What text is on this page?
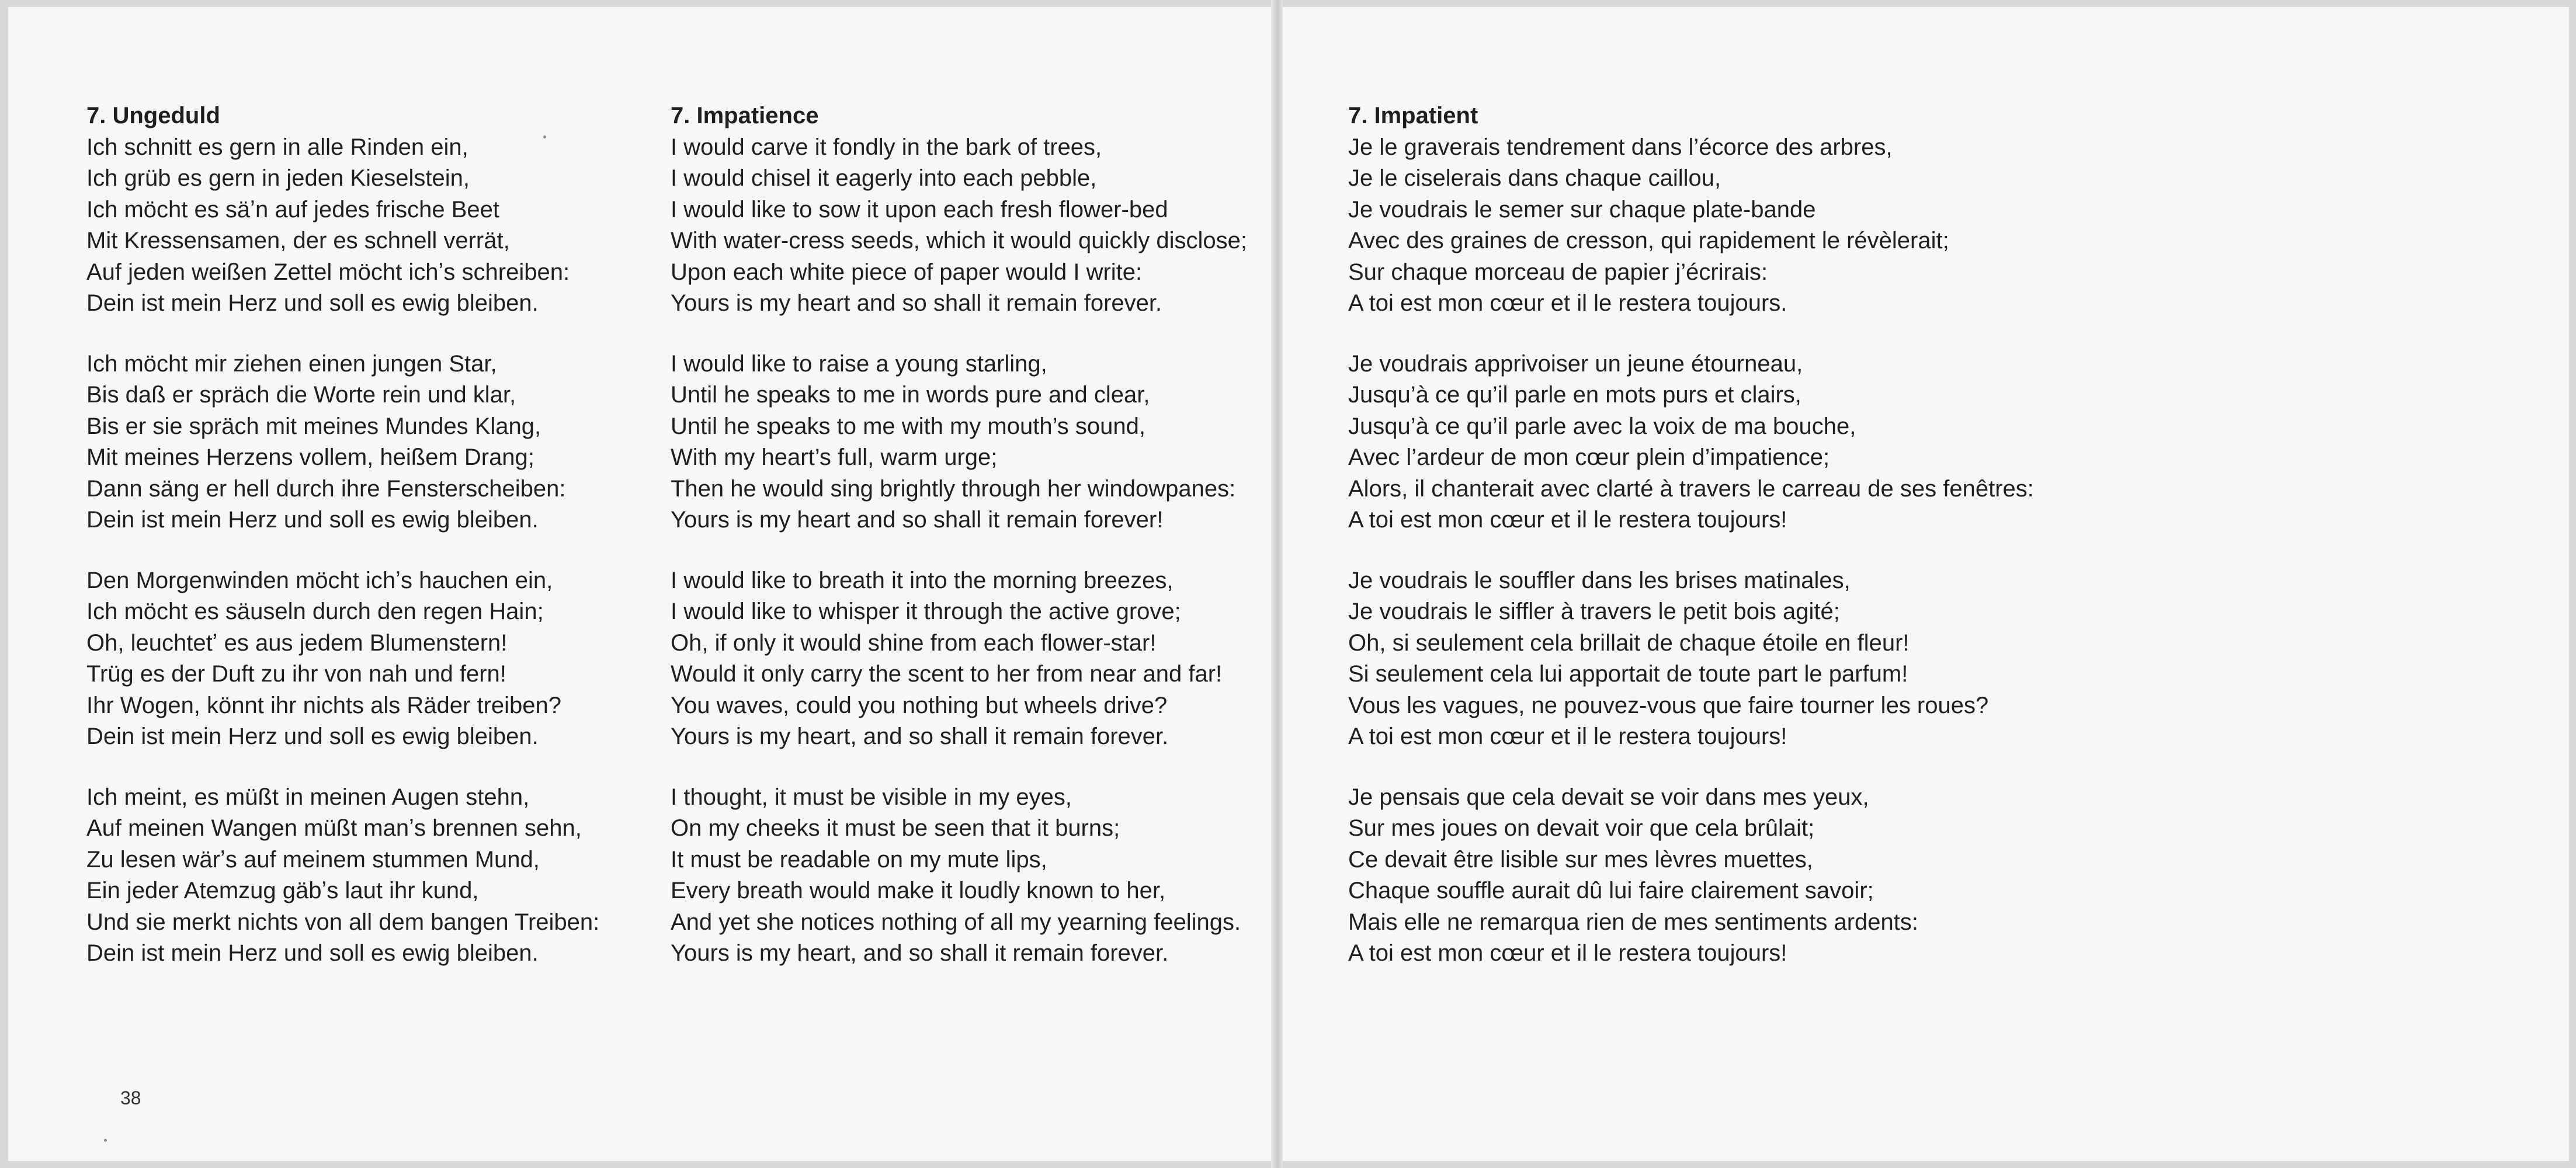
38
7. Ungeduld
Ich schnitt es gern in alle Rinden ein,
Ich grüb es gern in jeden Kieselstein,
Ich möcht es säʼn auf jedes frische Beet
Mit Kressensamen, der es schnell verrät,
Auf jeden weißen Zettel möcht ichʼs schreiben:
Dein ist mein Herz und soll es ewig bleiben.
Ich möcht mir ziehen einen jungen Star,
Bis daß er spräch die Worte rein und klar,
Bis er sie spräch mit meines Mundes Klang,
Mit meines Herzens vollem, heißem Drang;
Dann säng er hell durch ihre Fensterscheiben:
Dein ist mein Herz und soll es ewig bleiben.
Den Morgenwinden möcht ichʼs hauchen ein,
Ich möcht es säuseln durch den regen Hain;
Oh, leuchtetʼ es aus jedem Blumenstern!
Trüg es der Duft zu ihr von nah und fern!
Ihr Wogen, könnt ihr nichts als Räder treiben?
Dein ist mein Herz und soll es ewig bleiben.
Ich meint, es müßt in meinen Augen stehn,
Auf meinen Wangen müßt manʼs brennen sehn,
Zu lesen wärʼs auf meinem stummen Mund,
Ein jeder Atemzug gäbʼs laut ihr kund,
Und sie merkt nichts von all dem bangen Treiben:
Dein ist mein Herz und soll es ewig bleiben.
7. Impatience
I would carve it fondly in the bark of trees,
I would chisel it eagerly into each pebble,
I would like to sow it upon each fresh flower-bed
With water-cress seeds, which it would quickly disclose;
Upon each white piece of paper would I write:
Yours is my heart and so shall it remain forever.
I would like to raise a young starling,
Until he speaks to me in words pure and clear,
Until he speaks to me with my mouth’s sound,
With my heart’s full, warm urge;
Then he would sing brightly through her windowpanes:
Yours is my heart and so shall it remain forever!
I would like to breath it into the morning breezes,
I would like to whisper it through the active grove;
Oh, if only it would shine from each flower-star!
Would it only carry the scent to her from near and far!
You waves, could you nothing but wheels drive?
Yours is my heart, and so shall it remain forever.
I thought, it must be visible in my eyes,
On my cheeks it must be seen that it burns;
It must be readable on my mute lips,
Every breath would make it loudly known to her,
And yet she notices nothing of all my yearning feelings.
Yours is my heart, and so shall it remain forever.
7. Impatient
Je le graverais tendrement dans l’écorce des arbres,
Je le ciselerais dans chaque caillou,
Je voudrais le semer sur chaque plate-bande
Avec des graines de cresson, qui rapidement le révèlerait;
Sur chaque morceau de papier j’écrirais:
A toi est mon cœur et il le restera toujours.
Je voudrais apprivoiser un jeune étourneau,
Jusqu’à ce qu’il parle en mots purs et clairs,
Jusqu’à ce qu’il parle avec la voix de ma bouche,
Avec l’ardeur de mon cœur plein d’impatience;
Alors, il chanterait avec clarté à travers le carreau de ses fenêtres:
A toi est mon cœur et il le restera toujours!
Je voudrais le souffler dans les brises matinales,
Je voudrais le siffler à travers le petit bois agité;
Oh, si seulement cela brillait de chaque étoile en fleur!
Si seulement cela lui apportait de toute part le parfum!
Vous les vagues, ne pouvez-vous que faire tourner les roues?
A toi est mon cœur et il le restera toujours!
Je pensais que cela devait se voir dans mes yeux,
Sur mes joues on devait voir que cela brûlait;
Ce devait être lisible sur mes lèvres muettes,
Chaque souffle aurait dû lui faire clairement savoir;
Mais elle ne remarqua rien de mes sentiments ardents:
A toi est mon cœur et il le restera toujours!
